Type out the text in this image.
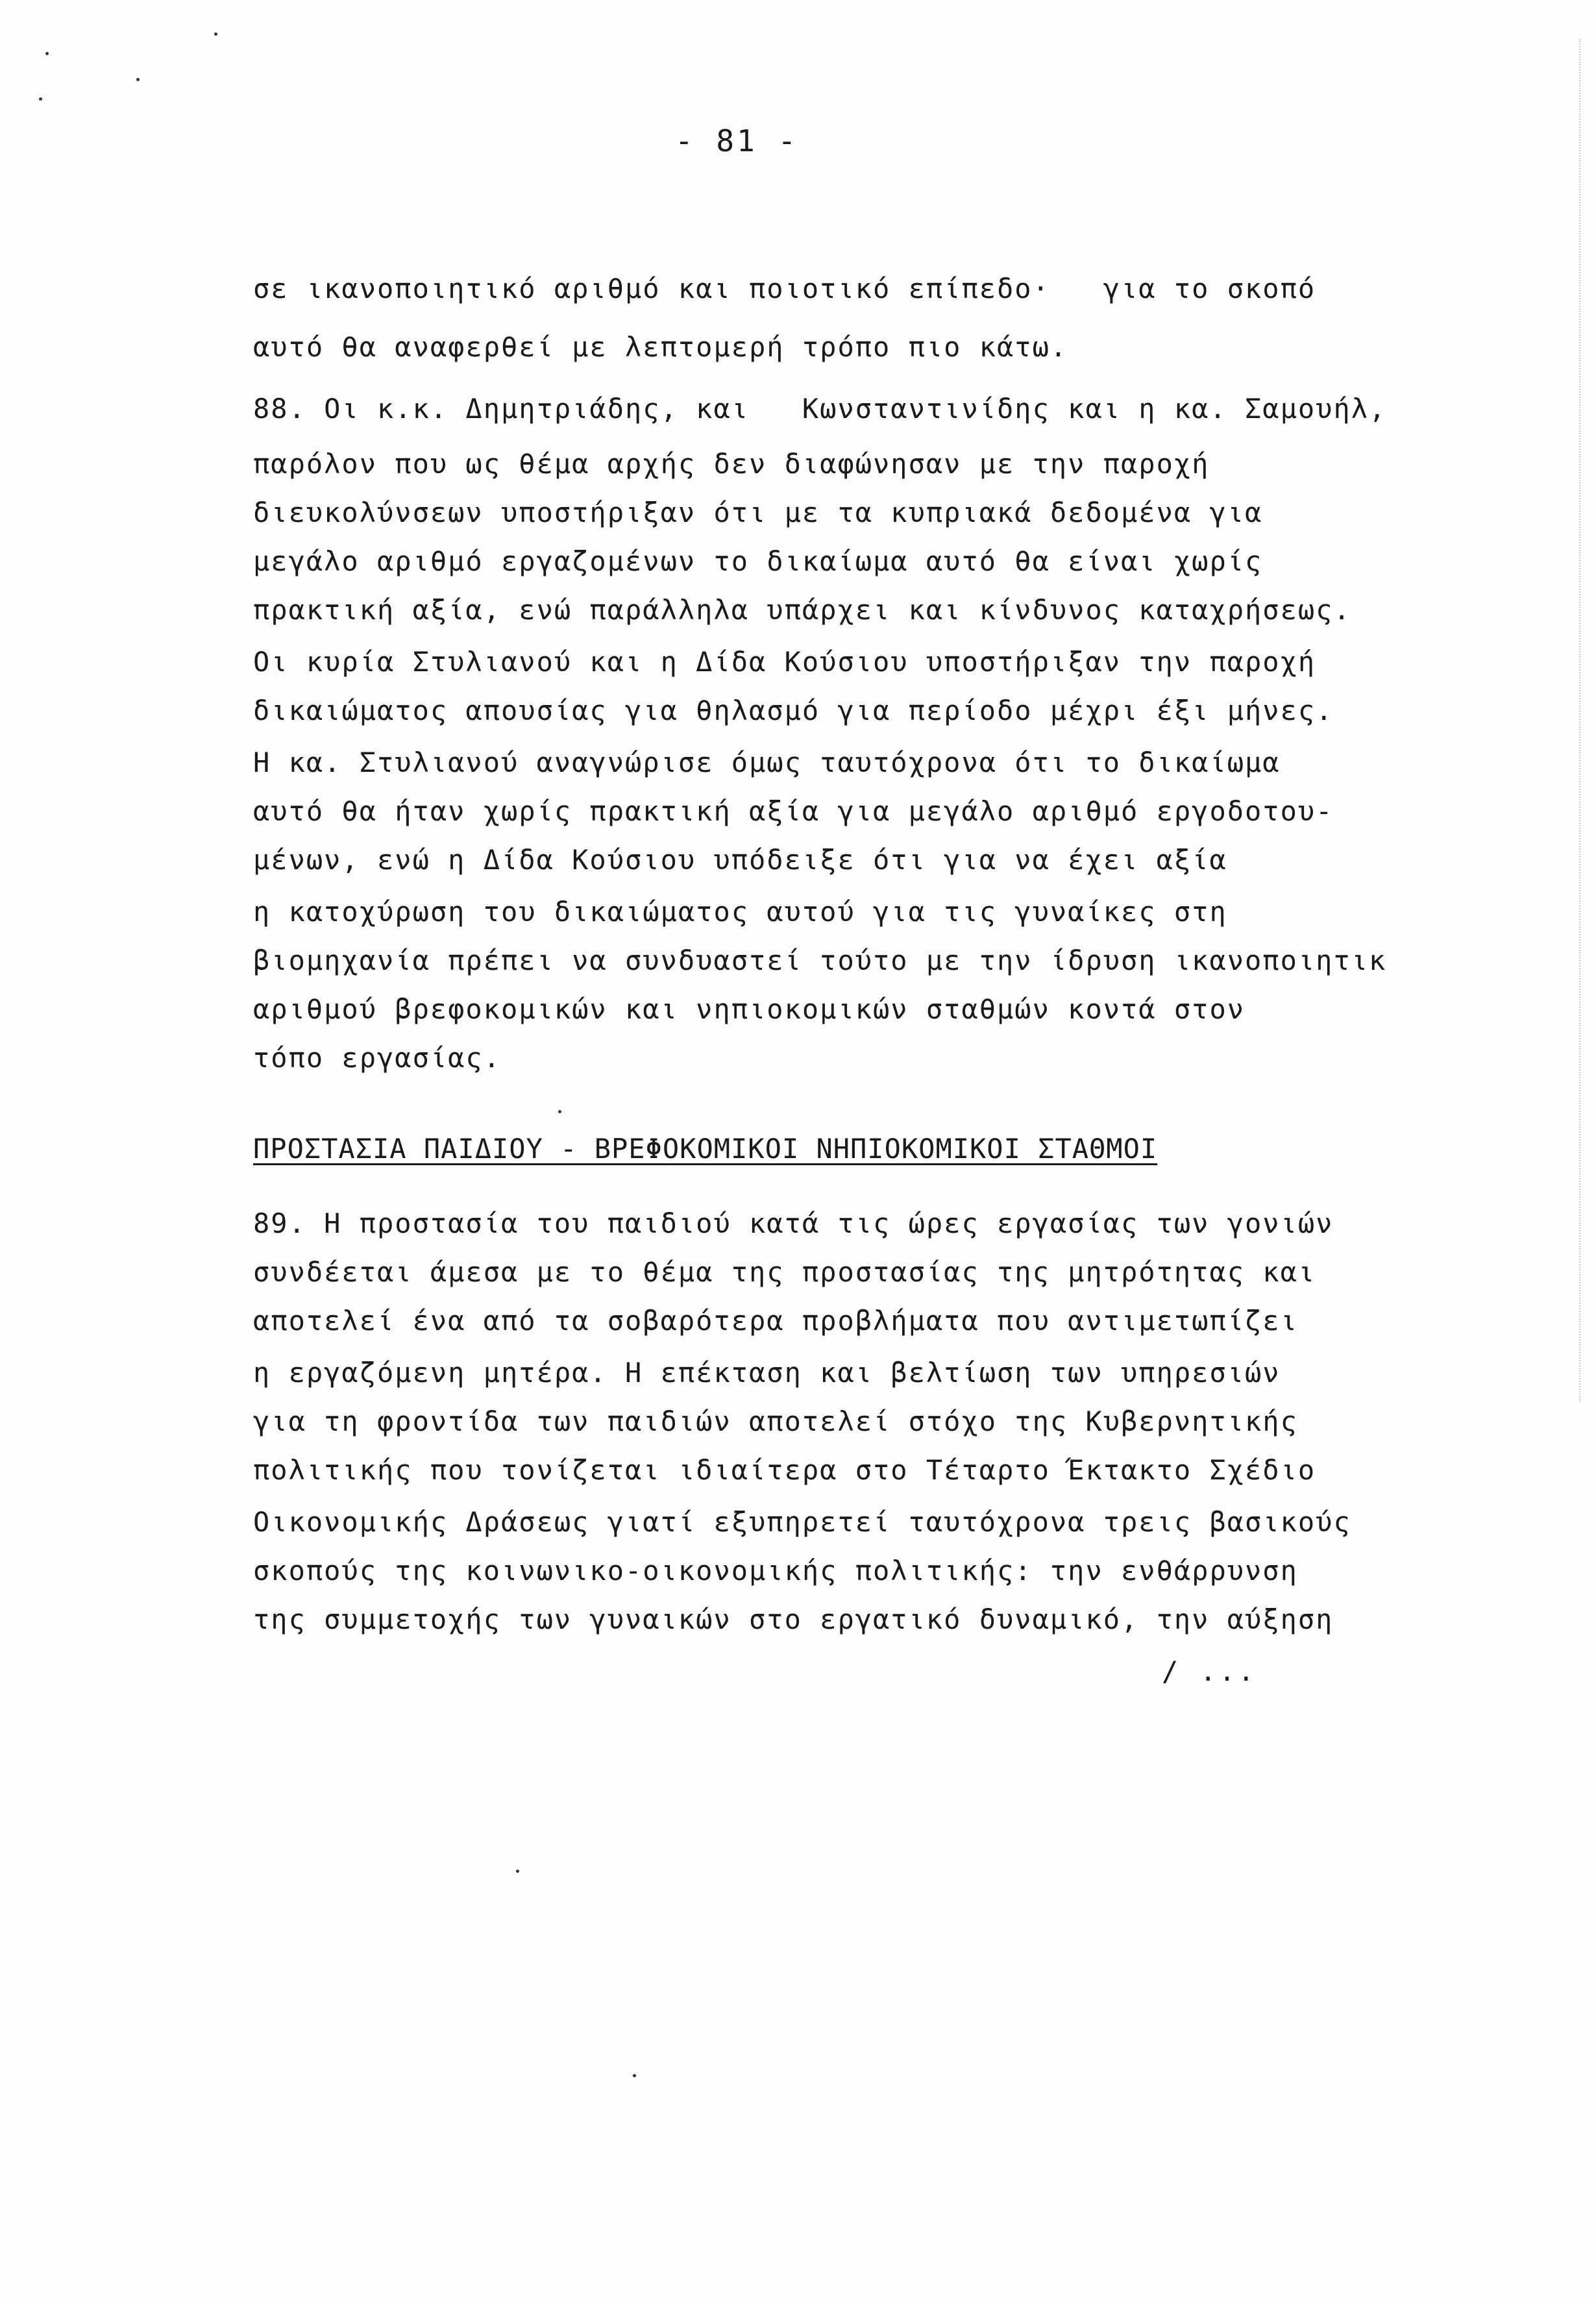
- 81 -
σε ικανοποιητικό αριθμό και ποιοτικό επίπεδο·   για το σκοπό
αυτό θα αναφερθεί με λεπτομερή τρόπο πιο κάτω.
88. Οι κ.κ. Δημητριάδης, και   Κωνσταντινίδης και η κα. Σαμουήλ,
παρόλον που ως θέμα αρχής δεν διαφώνησαν με την παροχή
διευκολύνσεων υποστήριξαν ότι με τα κυπριακά δεδομένα για
μεγάλο αριθμό εργαζομένων το δικαίωμα αυτό θα είναι χωρίς
πρακτική αξία, ενώ παράλληλα υπάρχει και κίνδυνος καταχρήσεως.
Οι κυρία Στυλιανού και η Δίδα Κούσιου υποστήριξαν την παροχή
δικαιώματος απουσίας για θηλασμό για περίοδο μέχρι έξι μήνες.
Η κα. Στυλιανού αναγνώρισε όμως ταυτόχρονα ότι το δικαίωμα
αυτό θα ήταν χωρίς πρακτική αξία για μεγάλο αριθμό εργοδοτου-
μένων, ενώ η Δίδα Κούσιου υπόδειξε ότι για να έχει αξία
η κατοχύρωση του δικαιώματος αυτού για τις γυναίκες στη
βιομηχανία πρέπει να συνδυαστεί τούτο με την ίδρυση ικανοποιητικ
αριθμού βρεφοκομικών και νηπιοκομικών σταθμών κοντά στον
τόπο εργασίας.
ΠΡΟΣΤΑΣΙΑ ΠΑΙΔΙΟΥ - ΒΡΕΦΟΚΟΜΙΚΟΙ ΝΗΠΙΟΚΟΜΙΚΟΙ ΣΤΑΘΜΟΙ
89. Η προστασία του παιδιού κατά τις ώρες εργασίας των γονιών
συνδέεται άμεσα με το θέμα της προστασίας της μητρότητας και
αποτελεί ένα από τα σοβαρότερα προβλήματα που αντιμετωπίζει
η εργαζόμενη μητέρα. Η επέκταση και βελτίωση των υπηρεσιών
για τη φροντίδα των παιδιών αποτελεί στόχο της Κυβερνητικής
πολιτικής που τονίζεται ιδιαίτερα στο Τέταρτο Έκτακτο Σχέδιο
Οικονομικής Δράσεως γιατί εξυπηρετεί ταυτόχρονα τρεις βασικούς
σκοπούς της κοινωνικο-οικονομικής πολιτικής: την ενθάρρυνση
της συμμετοχής των γυναικών στο εργατικό δυναμικό, την αύξηση
/ ...
